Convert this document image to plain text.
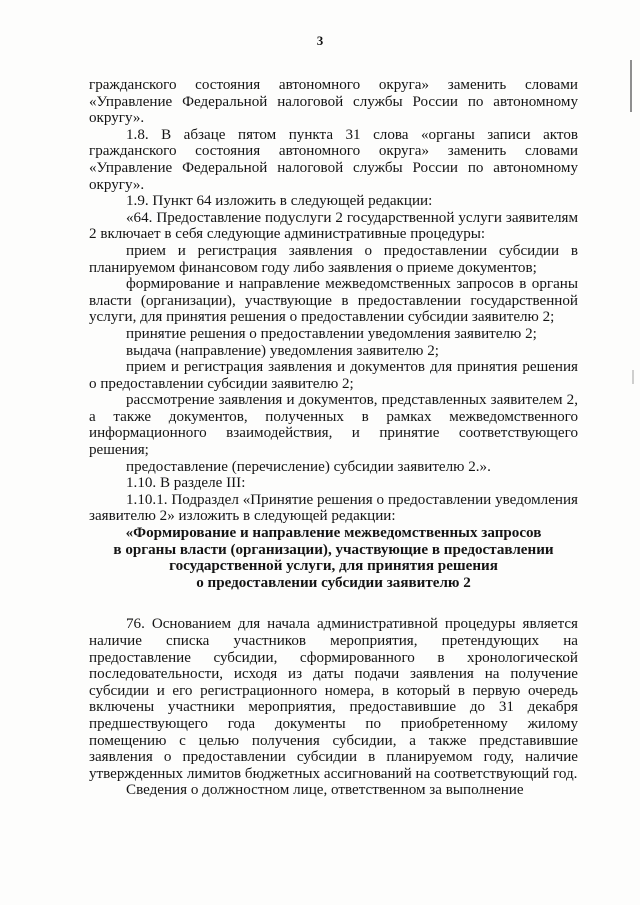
3

гражданского состояния автономного округа» заменить словами «Управление Федеральной налоговой службы России по автономному округу».

1.8. В абзаце пятом пункта 31 слова «органы записи актов гражданского состояния автономного округа» заменить словами «Управление Федеральной налоговой службы России по автономному округу».

1.9. Пункт 64 изложить в следующей редакции:

«64. Предоставление подуслуги 2 государственной услуги заявителям 2 включает в себя следующие административные процедуры:

прием и регистрация заявления о предоставлении субсидии в планируемом финансовом году либо заявления о приеме документов;

формирование и направление межведомственных запросов в органы власти (организации), участвующие в предоставлении государственной услуги, для принятия решения о предоставлении субсидии заявителю 2;

принятие решения о предоставлении уведомления заявителю 2;

выдача (направление) уведомления заявителю 2;

прием и регистрация заявления и документов для принятия решения о предоставлении субсидии заявителю 2;

рассмотрение заявления и документов, представленных заявителем 2, а также документов, полученных в рамках межведомственного информационного взаимодействия, и принятие соответствующего решения;

предоставление (перечисление) субсидии заявителю 2.».

1.10. В разделе III:

1.10.1. Подраздел «Принятие решения о предоставлении уведомления заявителю 2» изложить в следующей редакции:

«Формирование и направление межведомственных запросов

в органы власти (организации), участвующие в предоставлении

государственной услуги, для принятия решения

о предоставлении субсидии заявителю 2

76. Основанием для начала административной процедуры является наличие списка участников мероприятия, претендующих на предоставление субсидии, сформированного в хронологической последовательности, исходя из даты подачи заявления на получение субсидии и его регистрационного номера, в который в первую очередь включены участники мероприятия, предоставившие до 31 декабря предшествующего года документы по приобретенному жилому помещению с целью получения субсидии, а также представившие заявления о предоставлении субсидии в планируемом году, наличие утвержденных лимитов бюджетных ассигнований на соответствующий год.

Сведения о должностном лице, ответственном за выполнение
